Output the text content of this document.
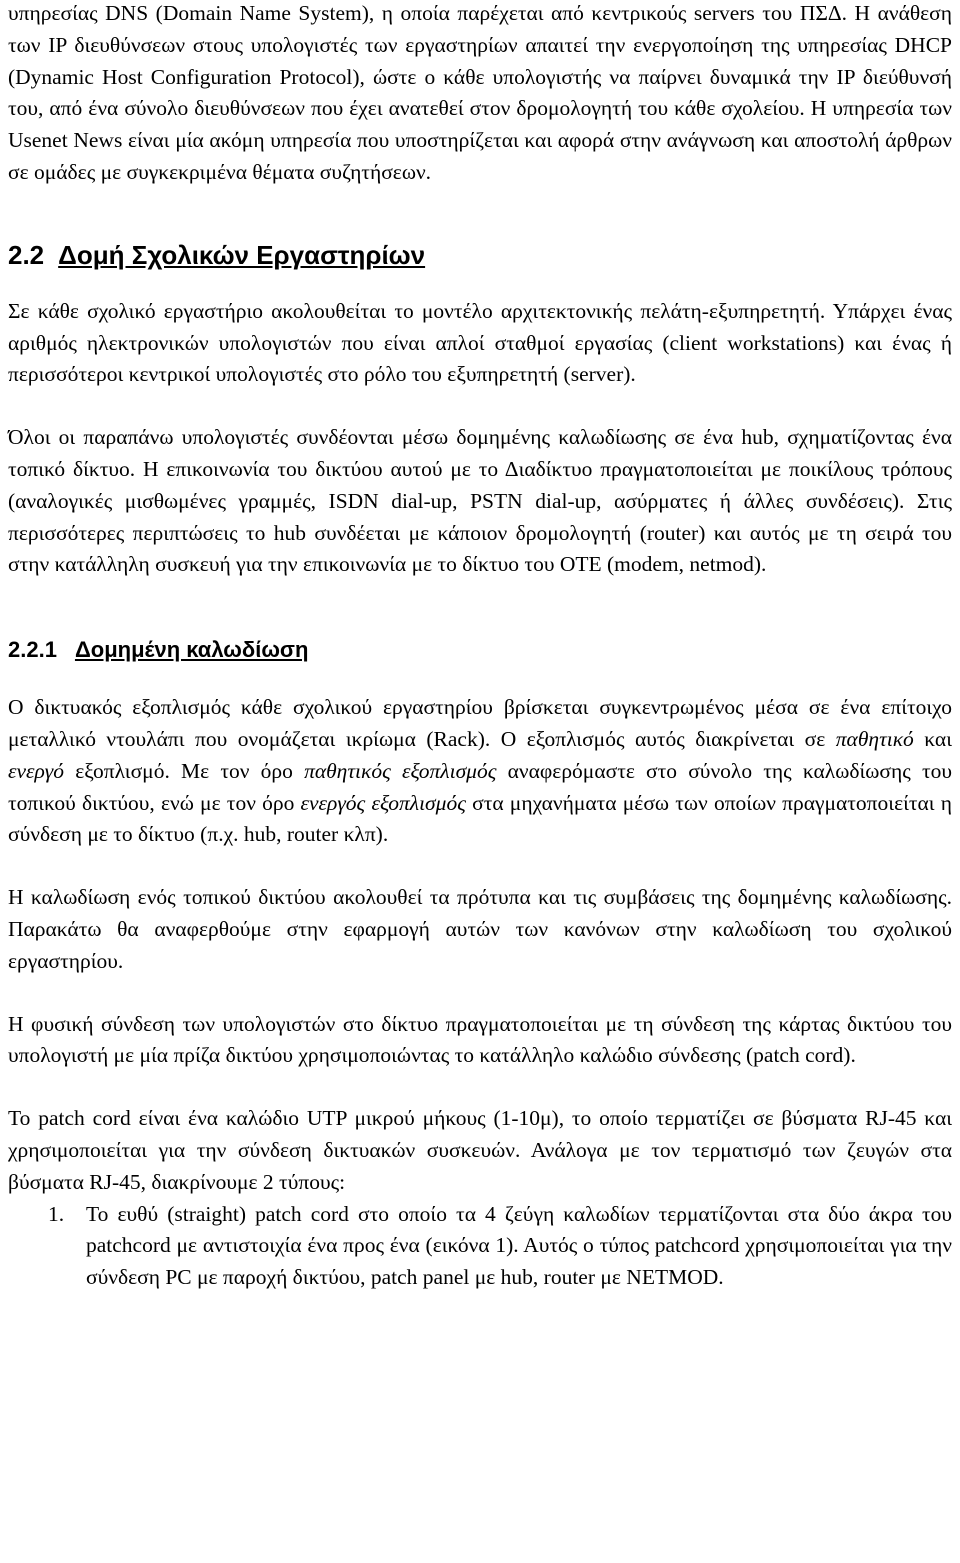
υπηρεσίας DNS (Domain Name System), η οποία παρέχεται από κεντρικούς servers του ΠΣΔ. Η ανάθεση των IP διευθύνσεων στους υπολογιστές των εργαστηρίων απαιτεί την ενεργοποίηση της υπηρεσίας DHCP (Dynamic Host Configuration Protocol), ώστε ο κάθε υπολογιστής να παίρνει δυναμικά την IP διεύθυνσή του, από ένα σύνολο διευθύνσεων που έχει ανατεθεί στον δρομολογητή του κάθε σχολείου. Η υπηρεσία των Usenet News είναι μία ακόμη υπηρεσία που υποστηρίζεται και αφορά στην ανάγνωση και αποστολή άρθρων σε ομάδες με συγκεκριμένα θέματα συζητήσεων.

2.2 Δομή Σχολικών Εργαστηρίων

Σε κάθε σχολικό εργαστήριο ακολουθείται το μοντέλο αρχιτεκτονικής πελάτη-εξυπηρετητή. Υπάρχει ένας αριθμός ηλεκτρονικών υπολογιστών που είναι απλοί σταθμοί εργασίας (client workstations) και ένας ή περισσότεροι κεντρικοί υπολογιστές στο ρόλο του εξυπηρετητή (server).

Όλοι οι παραπάνω υπολογιστές συνδέονται μέσω δομημένης καλωδίωσης σε ένα hub, σχηματίζοντας ένα τοπικό δίκτυο. Η επικοινωνία του δικτύου αυτού με το Διαδίκτυο πραγματοποιείται με ποικίλους τρόπους (αναλογικές μισθωμένες γραμμές, ISDN dial-up, PSTN dial-up, ασύρματες ή άλλες συνδέσεις). Στις περισσότερες περιπτώσεις το hub συνδέεται με κάποιον δρομολογητή (router) και αυτός με τη σειρά του στην κατάλληλη συσκευή για την επικοινωνία με το δίκτυο του ΟΤΕ (modem, netmod).

2.2.1 Δομημένη καλωδίωση

Ο δικτυακός εξοπλισμός κάθε σχολικού εργαστηρίου βρίσκεται συγκεντρωμένος μέσα σε ένα επίτοιχο μεταλλικό ντουλάπι που ονομάζεται ικρίωμα (Rack). Ο εξοπλισμός αυτός διακρίνεται σε παθητικό και ενεργό εξοπλισμό. Με τον όρο παθητικός εξοπλισμός αναφερόμαστε στο σύνολο της καλωδίωσης του τοπικού δικτύου, ενώ με τον όρο ενεργός εξοπλισμός στα μηχανήματα μέσω των οποίων πραγματοποιείται η σύνδεση με το δίκτυο (π.χ. hub, router κλπ).

Η καλωδίωση ενός τοπικού δικτύου ακολουθεί τα πρότυπα και τις συμβάσεις της δομημένης καλωδίωσης. Παρακάτω θα αναφερθούμε στην εφαρμογή αυτών των κανόνων στην καλωδίωση του σχολικού εργαστηρίου.

Η φυσική σύνδεση των υπολογιστών στο δίκτυο πραγματοποιείται με τη σύνδεση της κάρτας δικτύου του υπολογιστή με μία πρίζα δικτύου χρησιμοποιώντας το κατάλληλο καλώδιο σύνδεσης (patch cord).

Το patch cord είναι ένα καλώδιο UTP μικρού μήκους (1-10μ), το οποίο τερματίζει σε βύσματα RJ-45 και χρησιμοποιείται για την σύνδεση δικτυακών συσκευών. Ανάλογα με τον τερματισμό των ζευγών στα βύσματα RJ-45, διακρίνουμε 2 τύπους:

1. Το ευθύ (straight) patch cord στο οποίο τα 4 ζεύγη καλωδίων τερματίζονται στα δύο άκρα του patchcord με αντιστοιχία ένα προς ένα (εικόνα 1). Αυτός ο τύπος patchcord χρησιμοποιείται για την σύνδεση PC με παροχή δικτύου, patch panel με hub, router με NETMOD.
